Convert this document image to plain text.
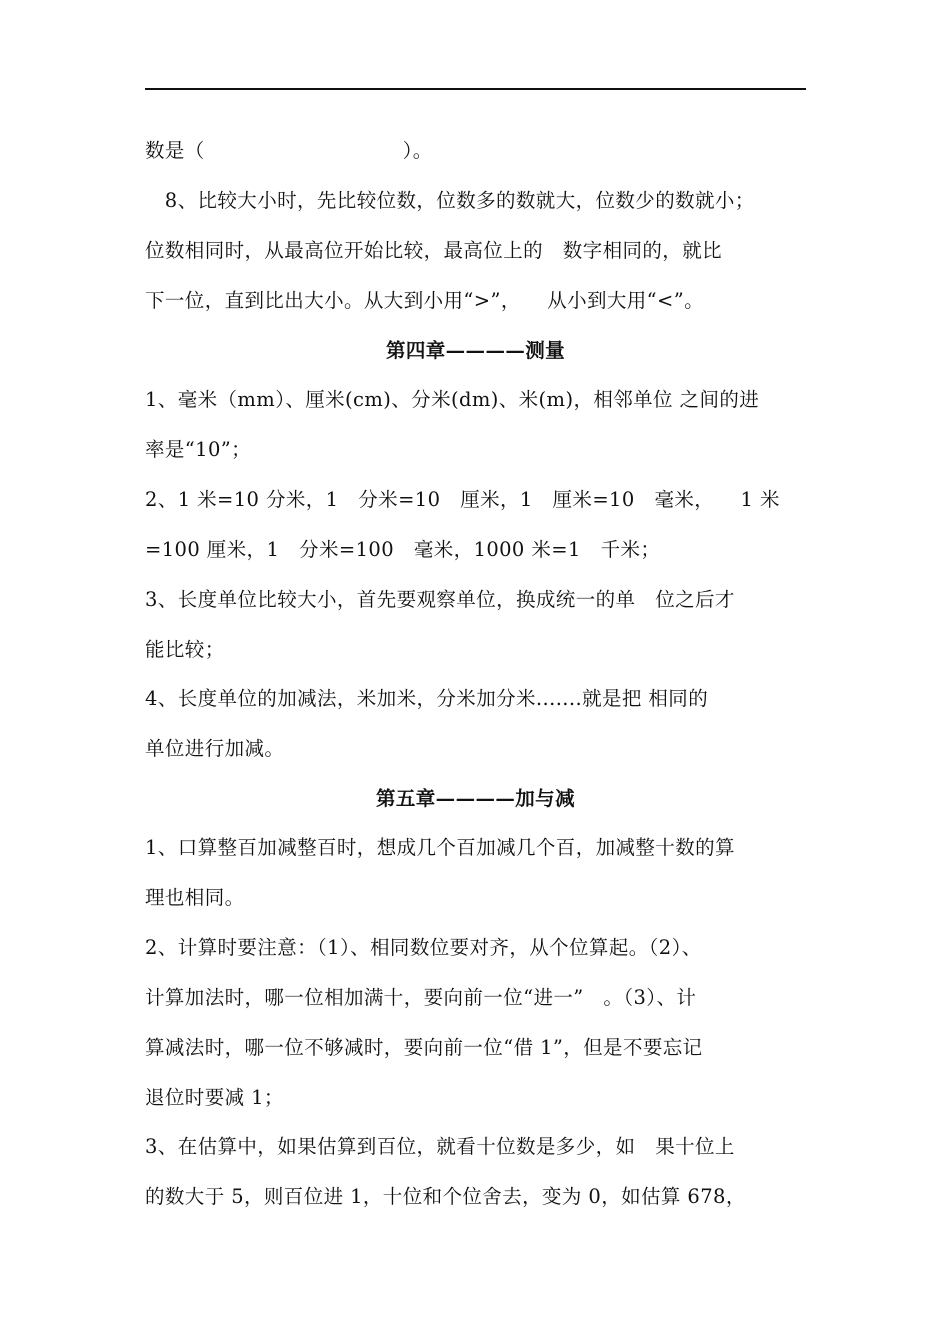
数是（                              ）。
8、比较大小时，先比较位数，位数多的数就大，位数少的数就小；
位数相同时，从最高位开始比较，最高位上的   数字相同的，就比
下一位，直到比出大小。从大到小用“>”，    从小到大用“<”。
第四章————测量
1、毫米（mm）、厘米(cm)、分米(dm)、米(m)，相邻单位 之间的进
率是“10”；
2、1 米=10 分米，1   分米=10   厘米，1   厘米=10   毫米，    1 米
=100 厘米，1   分米=100   毫米，1000 米=1   千米；
3、长度单位比较大小，首先要观察单位，换成统一的单   位之后才
能比较；
4、长度单位的加减法，米加米，分米加分米.......就是把 相同的
单位进行加减。
第五章————加与减
1、口算整百加减整百时，想成几个百加减几个百，加减整十数的算
理也相同。
2、计算时要注意：（1）、相同数位要对齐，从个位算起。（2）、
计算加法时，哪一位相加满十，要向前一位“进一”   。（3）、计
算减法时，哪一位不够减时，要向前一位“借 1”，但是不要忘记
退位时要减 1；
3、在估算中，如果估算到百位，就看十位数是多少，如   果十位上
的数大于 5，则百位进 1，十位和个位舍去，变为 0，如估算 678，
